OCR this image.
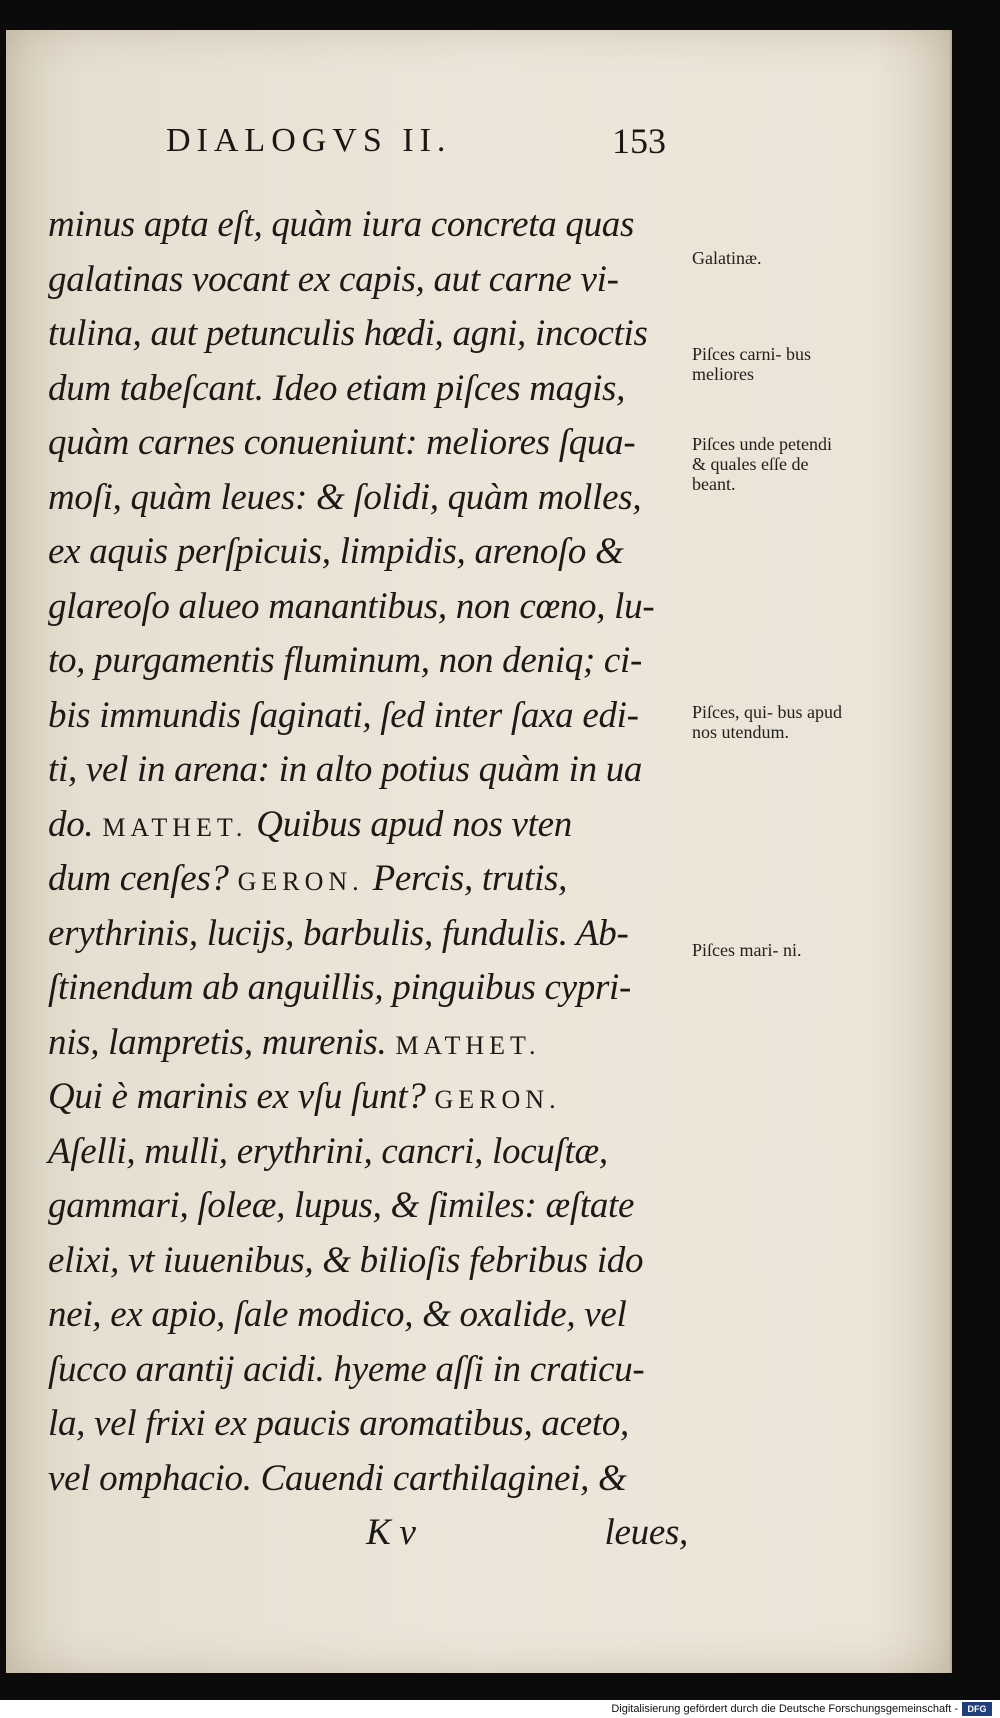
DIALOGVS II.	153
minus apta eſt, quàm iura concreta quas
galatinas vocant ex capis, aut carne vi-
tulina, aut petunculis hœdi, agni, incoctis
dum tabeſcant. Ideo etiam piſces magis,
quàm carnes conueniunt: meliores ſqua-
moſi, quàm leues: & ſolidi, quàm molles,
ex aquis perſpicuis, limpidis, arenoſo &
glareoſo alueo manantibus, non cœno, lu-
to, purgamentis fluminum, non deniq; ci-
bis immundis ſaginati, ſed inter ſaxa edi-
ti, vel in arena: in alto potius quàm in ua
do. MATHET. Quibus apud nos vten
dum cenſes? GERON. Percis, trutis,
erythrinis, lucijs, barbulis, fundulis. Ab-
ſtinendum ab anguillis, pinguibus cypri-
nis, lampretis, murenis. MATHET.
Qui è marinis ex vſu ſunt? GERON.
Aſelli, mulli, erythrini, cancri, locuſtæ,
gammari, ſoleæ, lupus, & ſimiles: æſtate
elixi, vt iuuenibus, & bilioſis febribus ido
nei, ex apio, ſale modico, & oxalide, vel
ſucco arantij acidi. hyeme aſſi in craticu-
la, vel frixi ex paucis aromatibus, aceto,
vel omphacio. Cauendi carthilaginei, &
K v	leues,
Galatinæ.
Piſces carni- bus meliores
Piſces unde petendi & quales eſſe de beant.
Piſces, qui- bus apud nos utendum.
Piſces mari- ni.
Digitalisierung gefördert durch die Deutsche Forschungsgemeinschaft -	DFG
